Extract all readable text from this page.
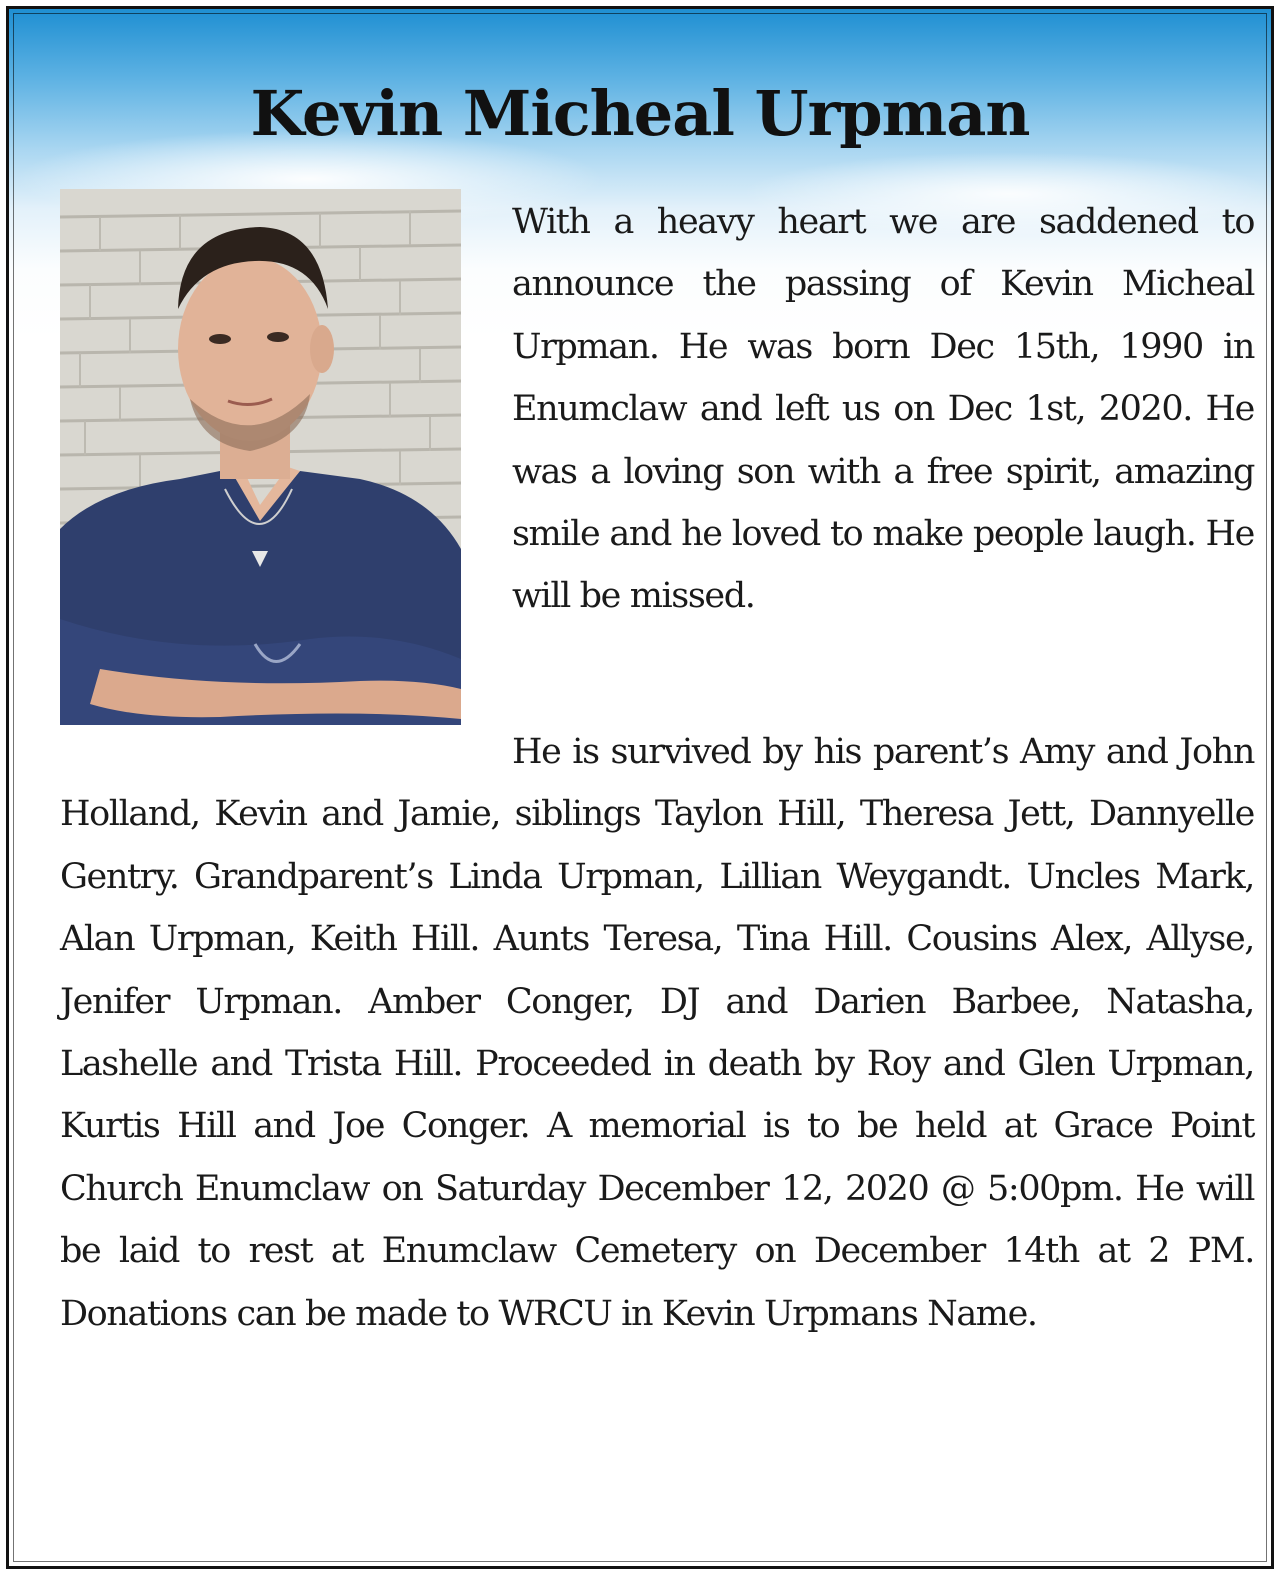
Kevin Micheal Urpman

With a heavy heart we are saddened to announce the passing of Kevin Micheal Urpman. He was born Dec 15th, 1990 in Enumclaw and left us on Dec 1st, 2020. He was a loving son with a free spirit, amazing smile and he loved to make people laugh. He will be missed.

He is survived by his parent’s Amy and John Holland, Kevin and Jamie, siblings Taylon Hill, Theresa Jett, Dannyelle Gentry. Grandparent’s Linda Urpman, Lillian Weygandt. Uncles Mark, Alan Urpman, Keith Hill. Aunts Teresa, Tina Hill. Cousins Alex, Allyse, Jenifer Urpman. Amber Conger, DJ and Darien Barbee, Natasha, Lashelle and Trista Hill. Proceeded in death by Roy and Glen Urpman, Kurtis Hill and Joe Conger. A memorial is to be held at Grace Point Church Enumclaw on Saturday December 12, 2020 @ 5:00pm. He will be laid to rest at Enumclaw Cemetery on December 14th at 2 PM. Donations can be made to WRCU in Kevin Urpmans Name.
